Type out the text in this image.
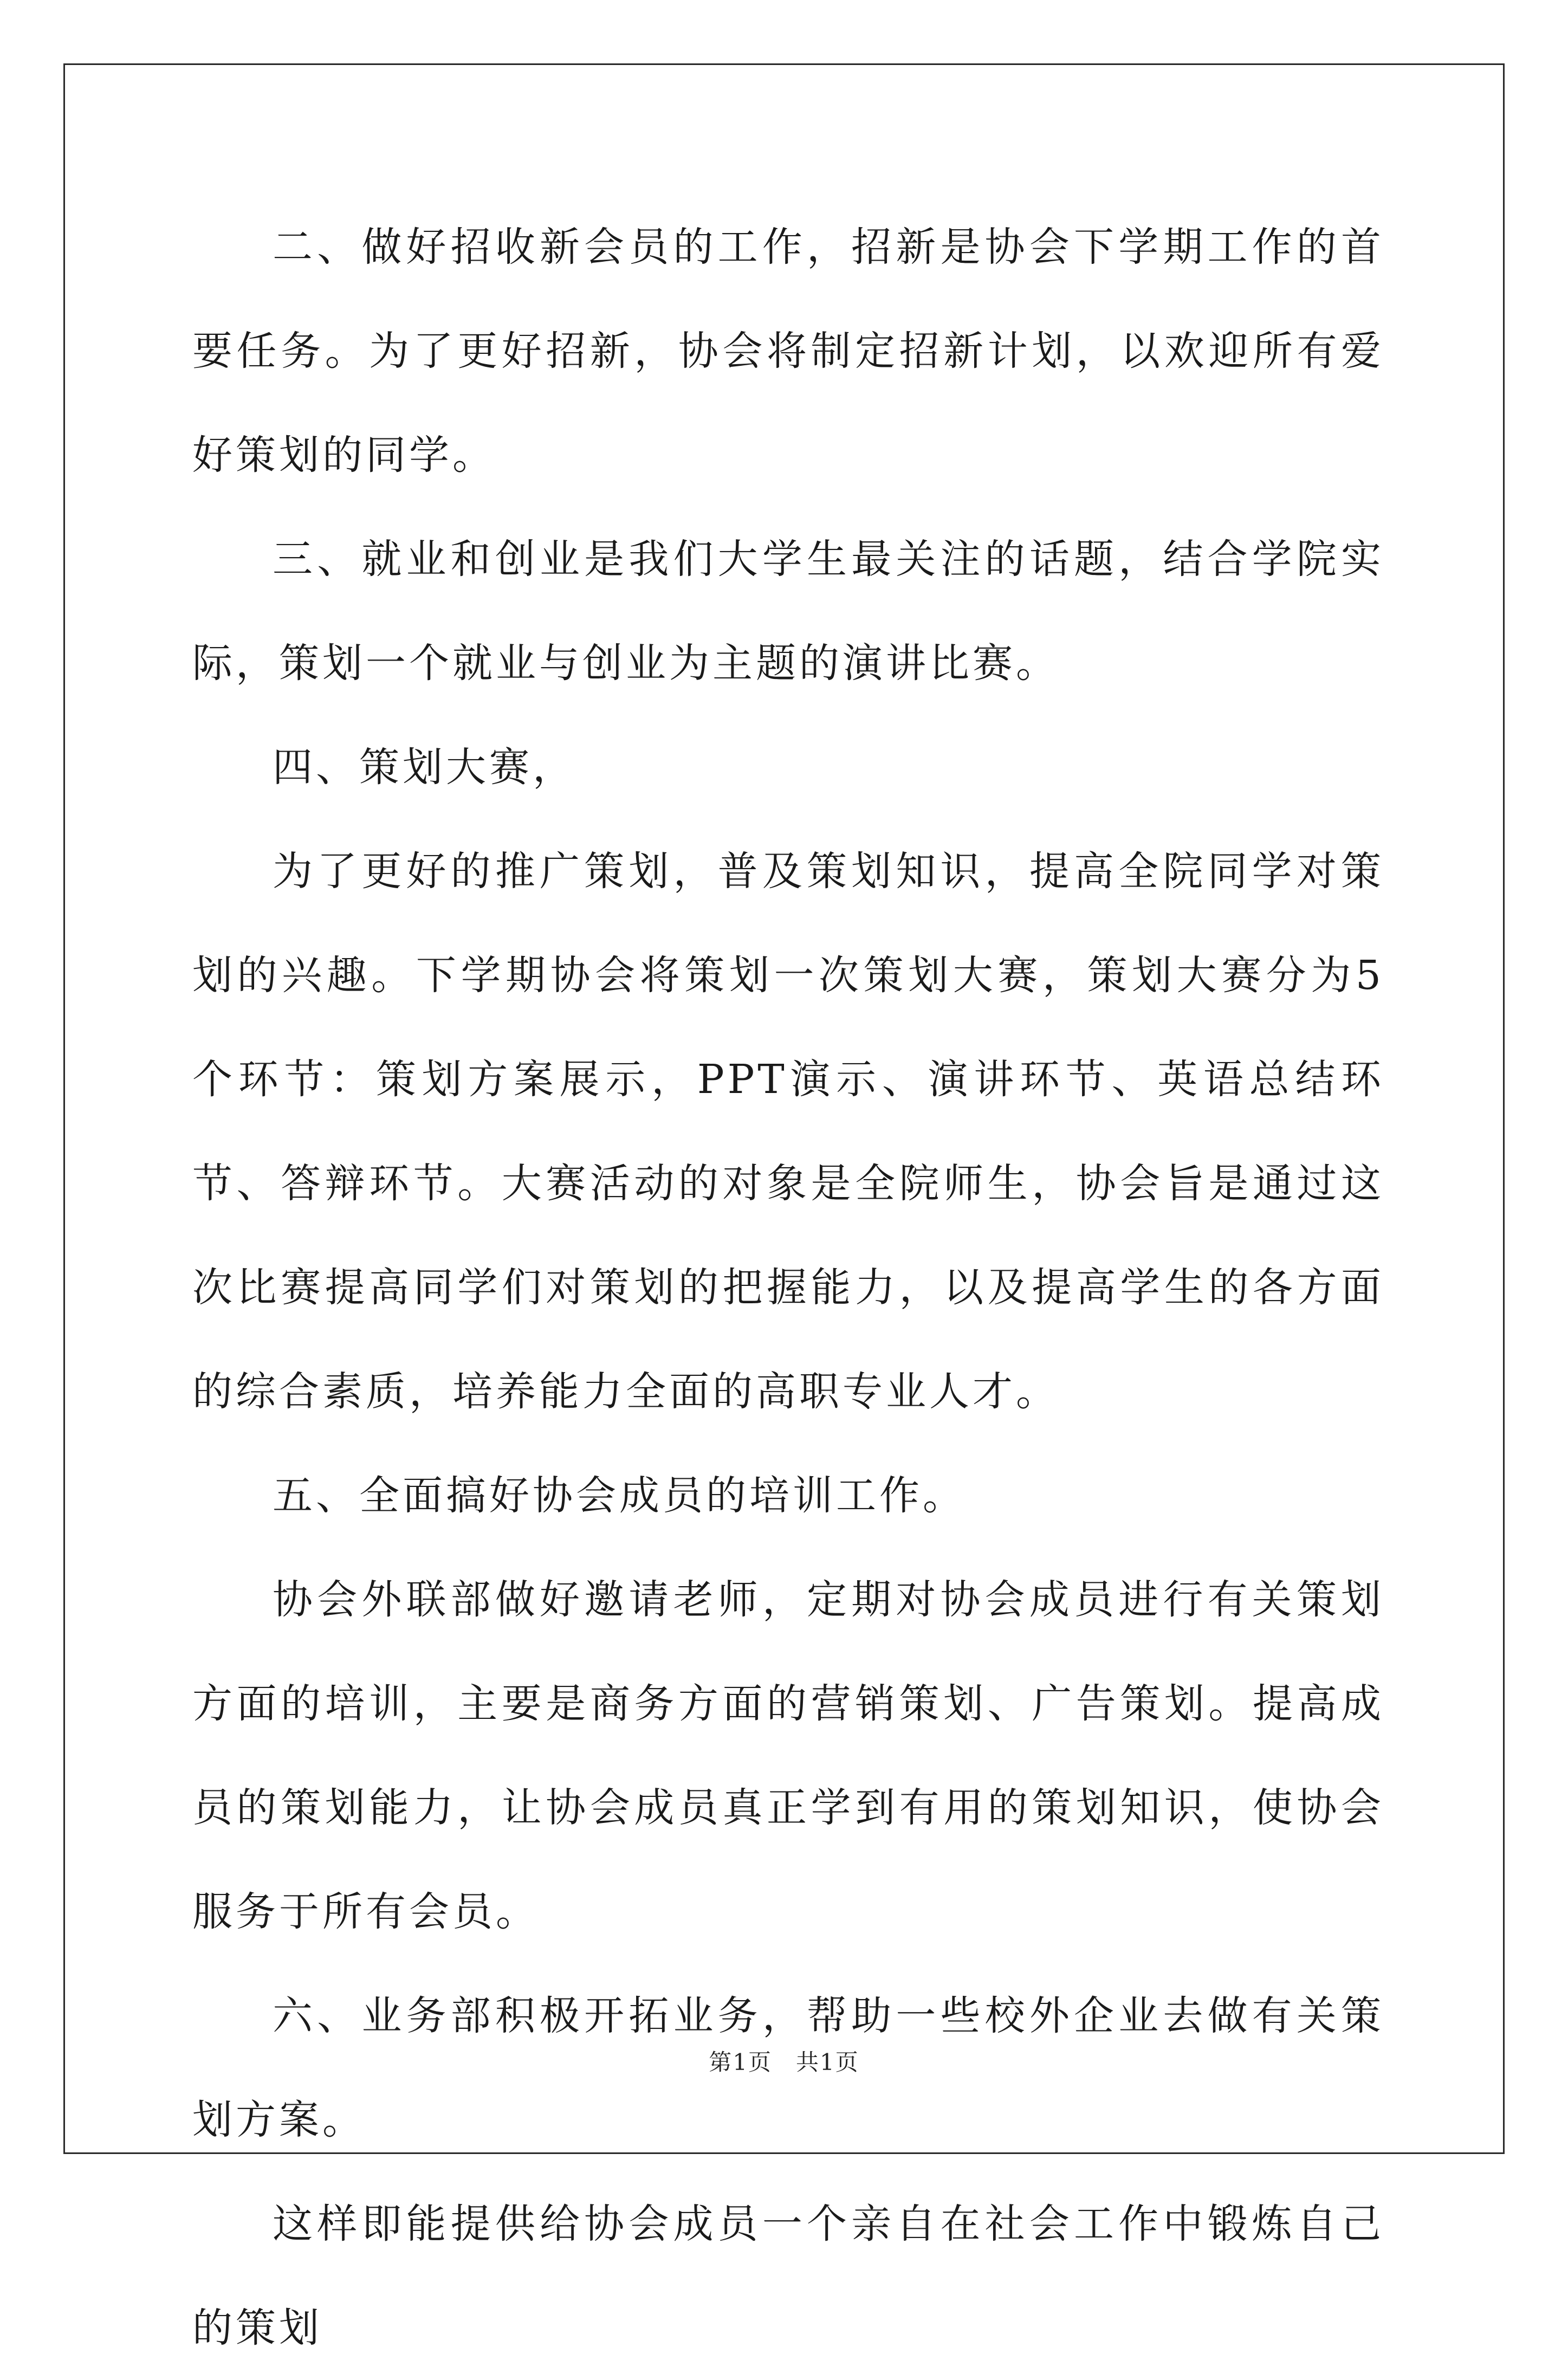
二、做好招收新会员的工作，招新是协会下学期工作的首要任务。为了更好招新，协会将制定招新计划，以欢迎所有爱好策划的同学。

三、就业和创业是我们大学生最关注的话题，结合学院实际，策划一个就业与创业为主题的演讲比赛。

四、策划大赛，

为了更好的推广策划，普及策划知识，提高全院同学对策划的兴趣。下学期协会将策划一次策划大赛，策划大赛分为5个环节：策划方案展示，PPT演示、演讲环节、英语总结环节、答辩环节。大赛活动的对象是全院师生，协会旨是通过这次比赛提高同学们对策划的把握能力，以及提高学生的各方面的综合素质，培养能力全面的高职专业人才。

五、全面搞好协会成员的培训工作。

协会外联部做好邀请老师，定期对协会成员进行有关策划方面的培训，主要是商务方面的营销策划、广告策划。提高成员的策划能力，让协会成员真正学到有用的策划知识，使协会服务于所有会员。

六、业务部积极开拓业务，帮助一些校外企业去做有关策划方案。

这样即能提供给协会成员一个亲自在社会工作中锻炼自己的策划

第1页　共1页
